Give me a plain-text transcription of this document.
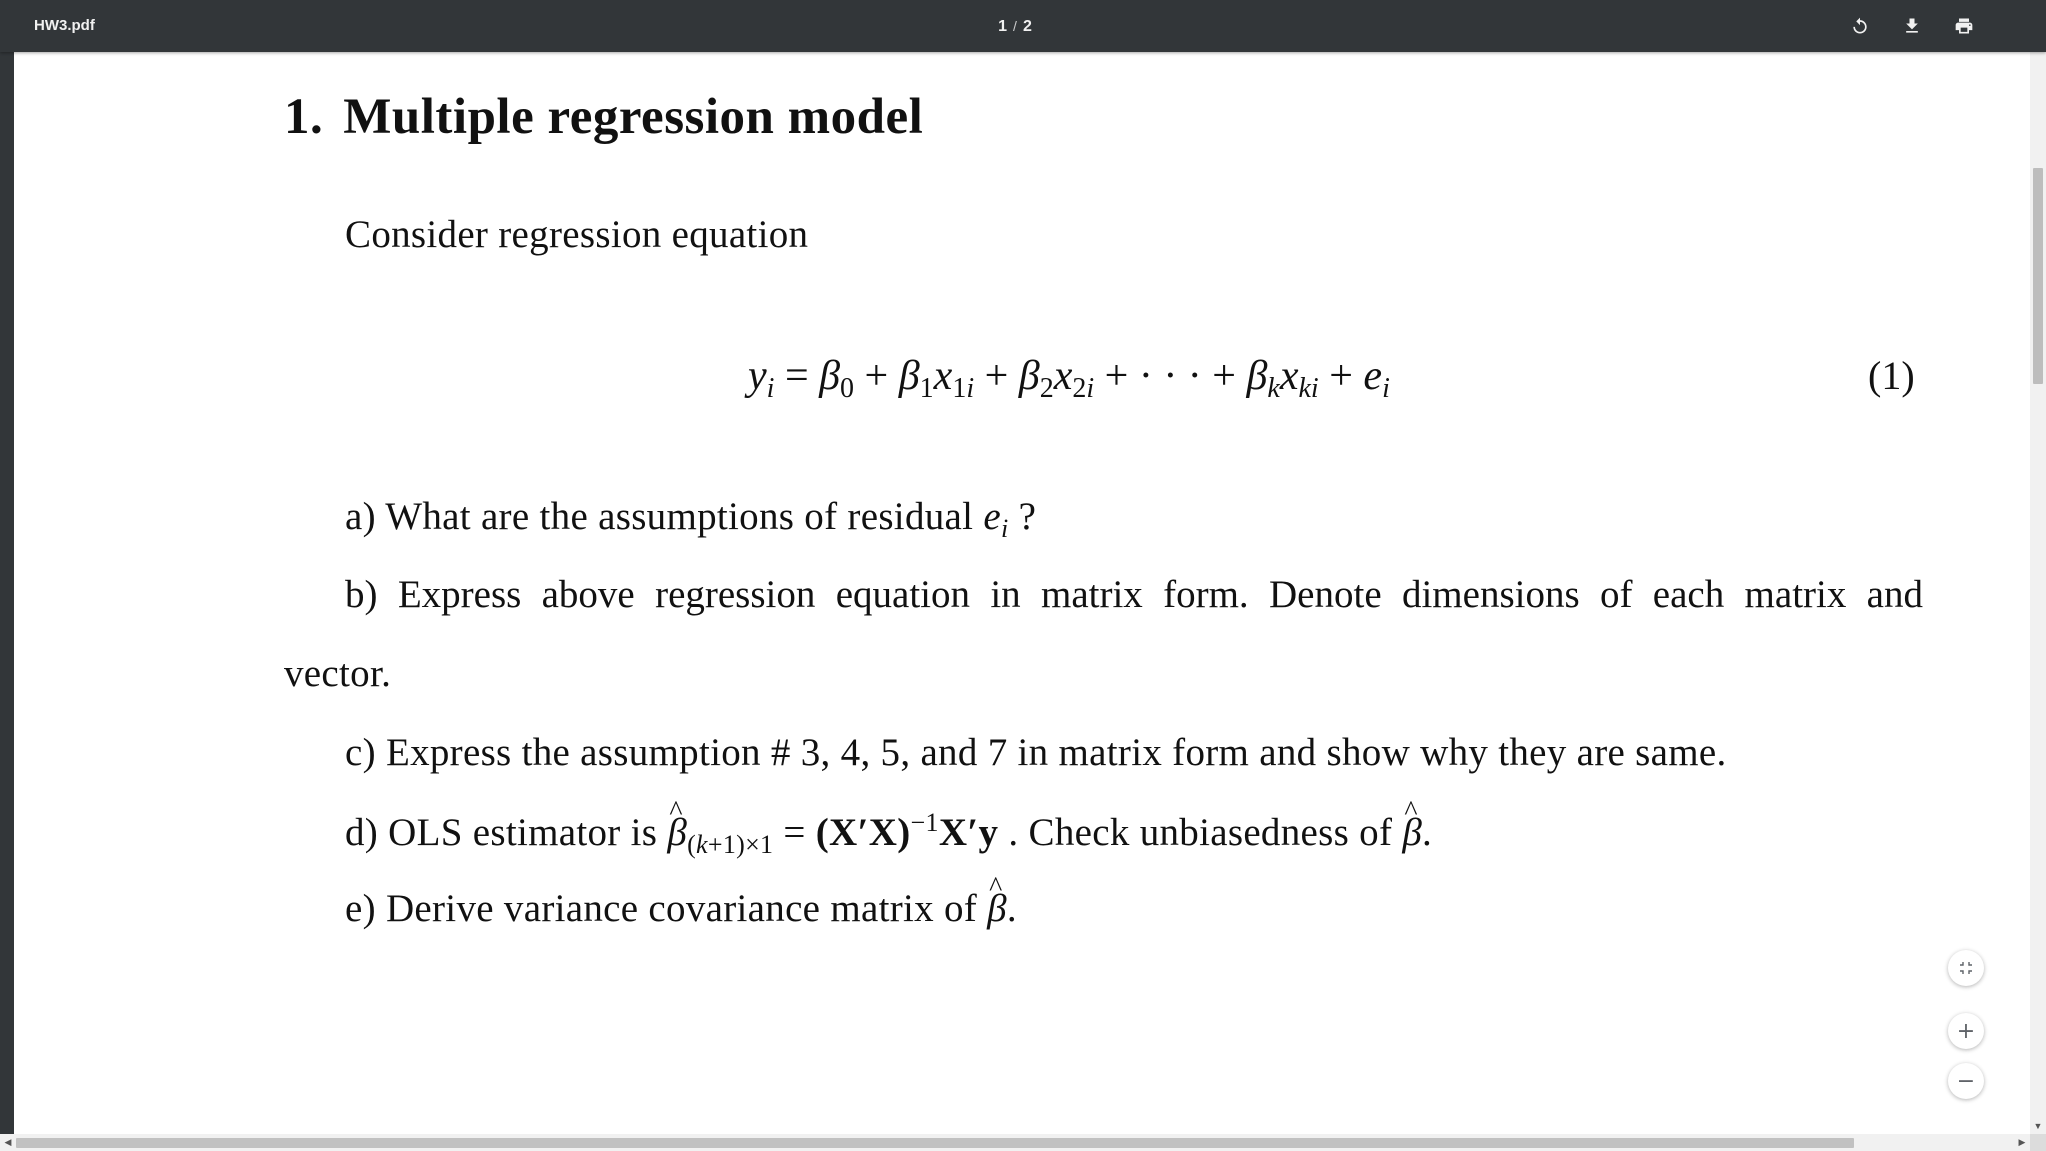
HW3.pdf	1 / 2
1. Multiple regression model
Consider regression equation
$y_i = \beta_0 + \beta_1x_{1i} + \beta_2x_{2i}$ + · · · + $\beta_kx_{ki} + e_i$	(1)
a) What are the assumptions of residual $e_i$ ?
b) Express above regression equation in matrix form. Denote dimensions of each matrix and
vector.
c) Express the assumption # 3, 4, 5, and 7 in matrix form and show why they are same.
d) OLS estimator is ^ $\beta_{(k+1)\times 1} = (X'X)^{-1}X'y$ . Check unbiasedness of ^ β.
e) Derive variance covariance matrix of ^ β.
+
−
▼
◀	▶
